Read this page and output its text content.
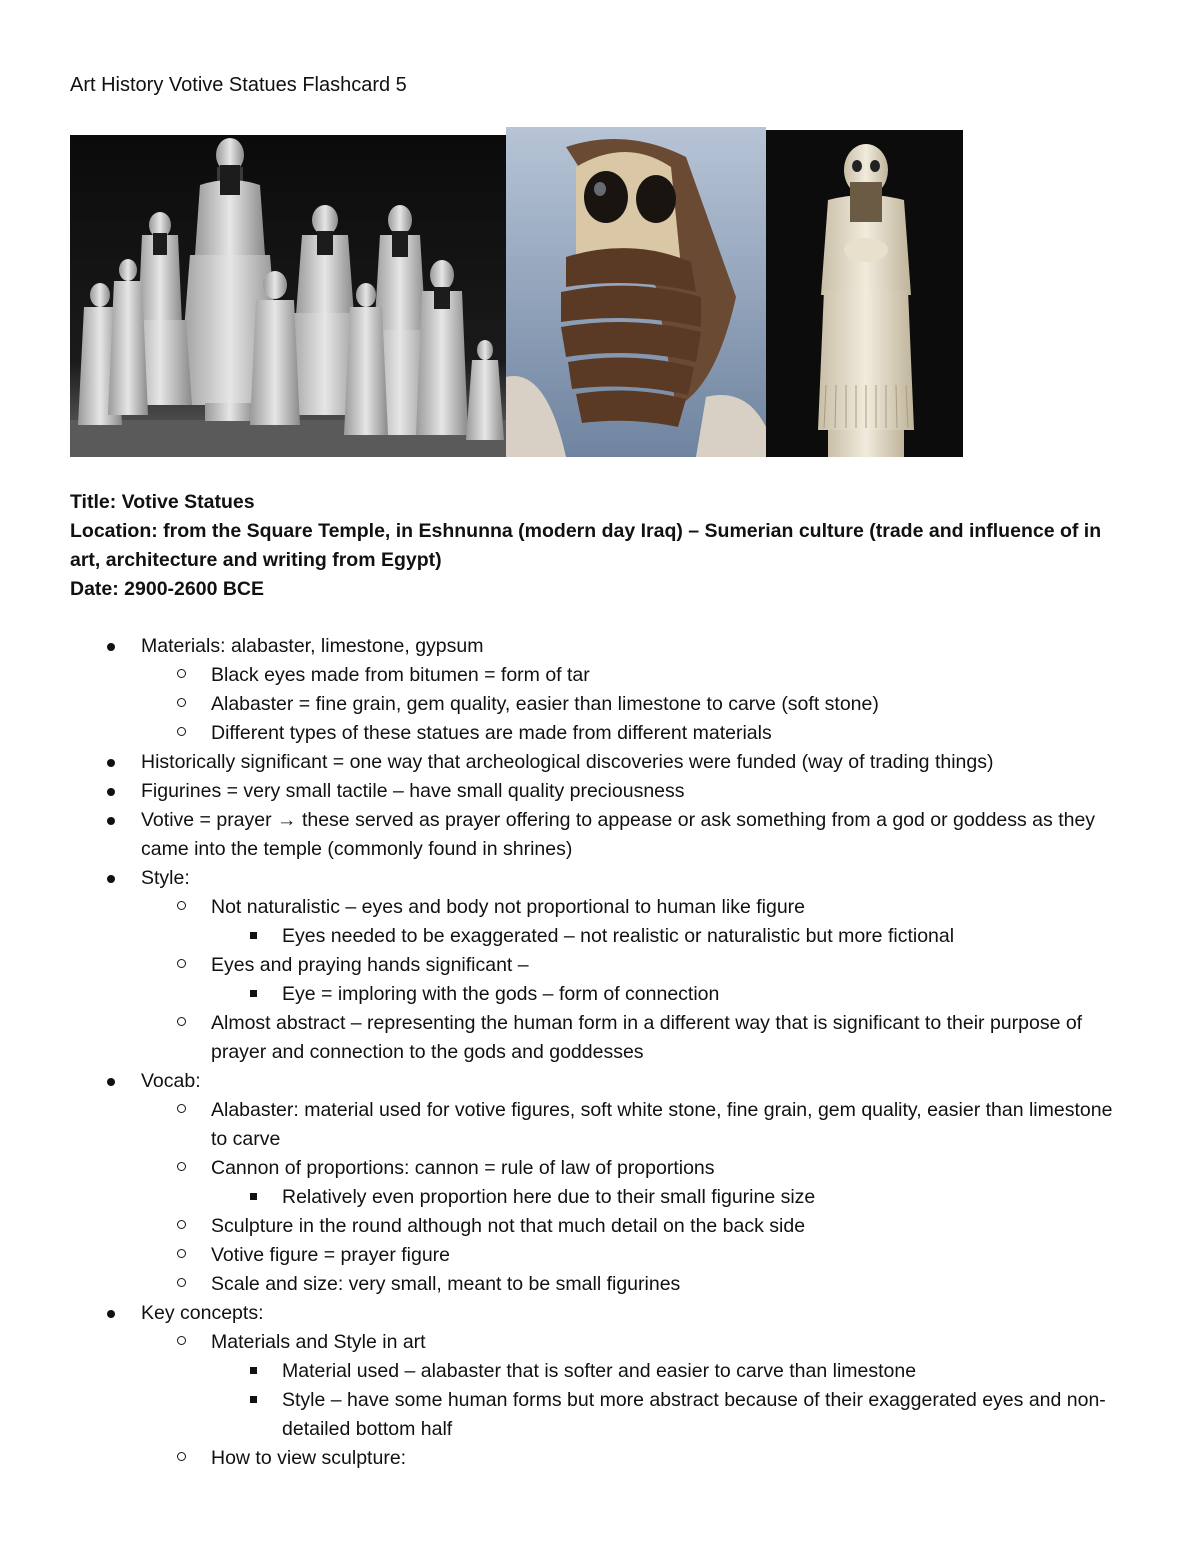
Art History Votive Statues Flashcard 5
Title: Votive Statues
Location: from the Square Temple, in Eshnunna (modern day Iraq) – Sumerian culture (trade and influence of in art, architecture and writing from Egypt)
Date: 2900-2600 BCE
Materials: alabaster, limestone, gypsum
Black eyes made from bitumen = form of tar
Alabaster = fine grain, gem quality, easier than limestone to carve (soft stone)
Different types of these statues are made from different materials
Historically significant = one way that archeological discoveries were funded (way of trading things)
Figurines = very small tactile – have small quality preciousness
Votive = prayer → these served as prayer offering to appease or ask something from a god or goddess as they came into the temple (commonly found in shrines)
Style:
Not naturalistic – eyes and body not proportional to human like figure
Eyes needed to be exaggerated – not realistic or naturalistic but more fictional
Eyes and praying hands significant –
Eye = imploring with the gods – form of connection
Almost abstract – representing the human form in a different way that is significant to their purpose of prayer and connection to the gods and goddesses
Vocab:
Alabaster: material used for votive figures, soft white stone, fine grain, gem quality, easier than limestone to carve
Cannon of proportions: cannon = rule of law of proportions
Relatively even proportion here due to their small figurine size
Sculpture in the round although not that much detail on the back side
Votive figure = prayer figure
Scale and size: very small, meant to be small figurines
Key concepts:
Materials and Style in art
Material used – alabaster that is softer and easier to carve than limestone
Style – have some human forms but more abstract because of their exaggerated eyes and non-detailed bottom half
How to view sculpture:
